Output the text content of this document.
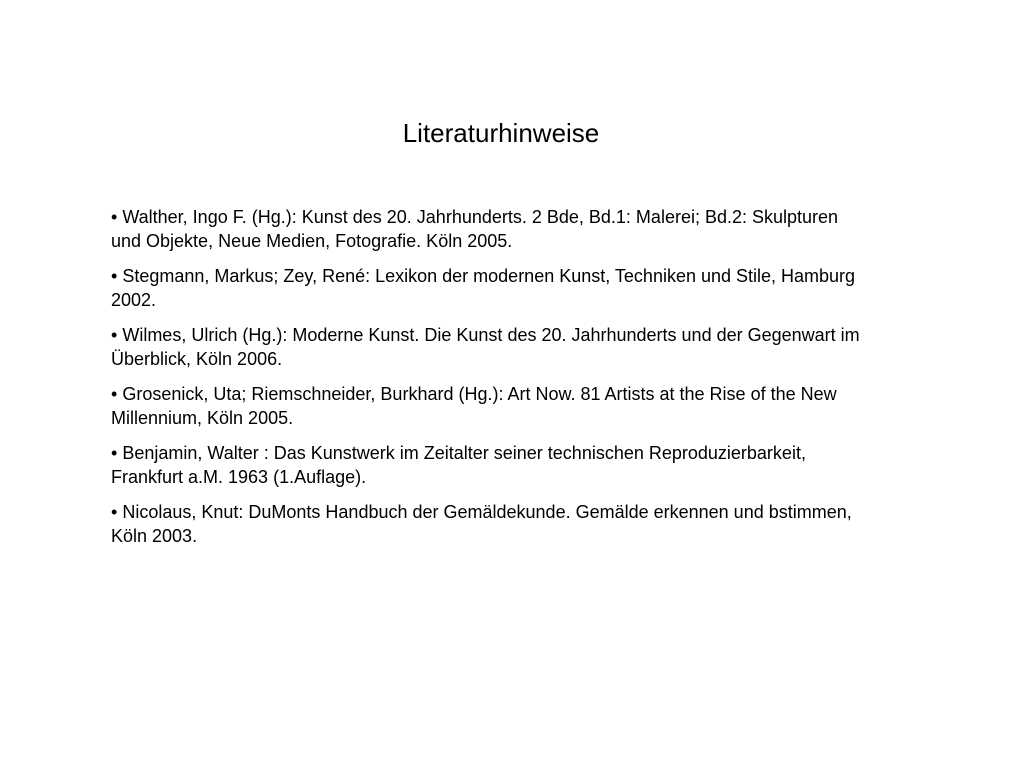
Literaturhinweise
• Walther, Ingo F. (Hg.): Kunst des 20. Jahrhunderts. 2 Bde, Bd.1: Malerei; Bd.2: Skulpturen und Objekte, Neue Medien, Fotografie. Köln 2005.
• Stegmann, Markus; Zey, René: Lexikon der modernen Kunst, Techniken und Stile, Hamburg 2002.
• Wilmes, Ulrich (Hg.): Moderne Kunst. Die Kunst des 20. Jahrhunderts und der Gegenwart im Überblick, Köln 2006.
• Grosenick, Uta; Riemschneider, Burkhard (Hg.): Art Now. 81 Artists at the Rise of the New Millennium, Köln 2005.
• Benjamin, Walter : Das Kunstwerk im Zeitalter seiner technischen Reproduzierbarkeit, Frankfurt a.M. 1963 (1.Auflage).
• Nicolaus, Knut: DuMonts Handbuch der Gemäldekunde. Gemälde erkennen und bstimmen, Köln 2003.
